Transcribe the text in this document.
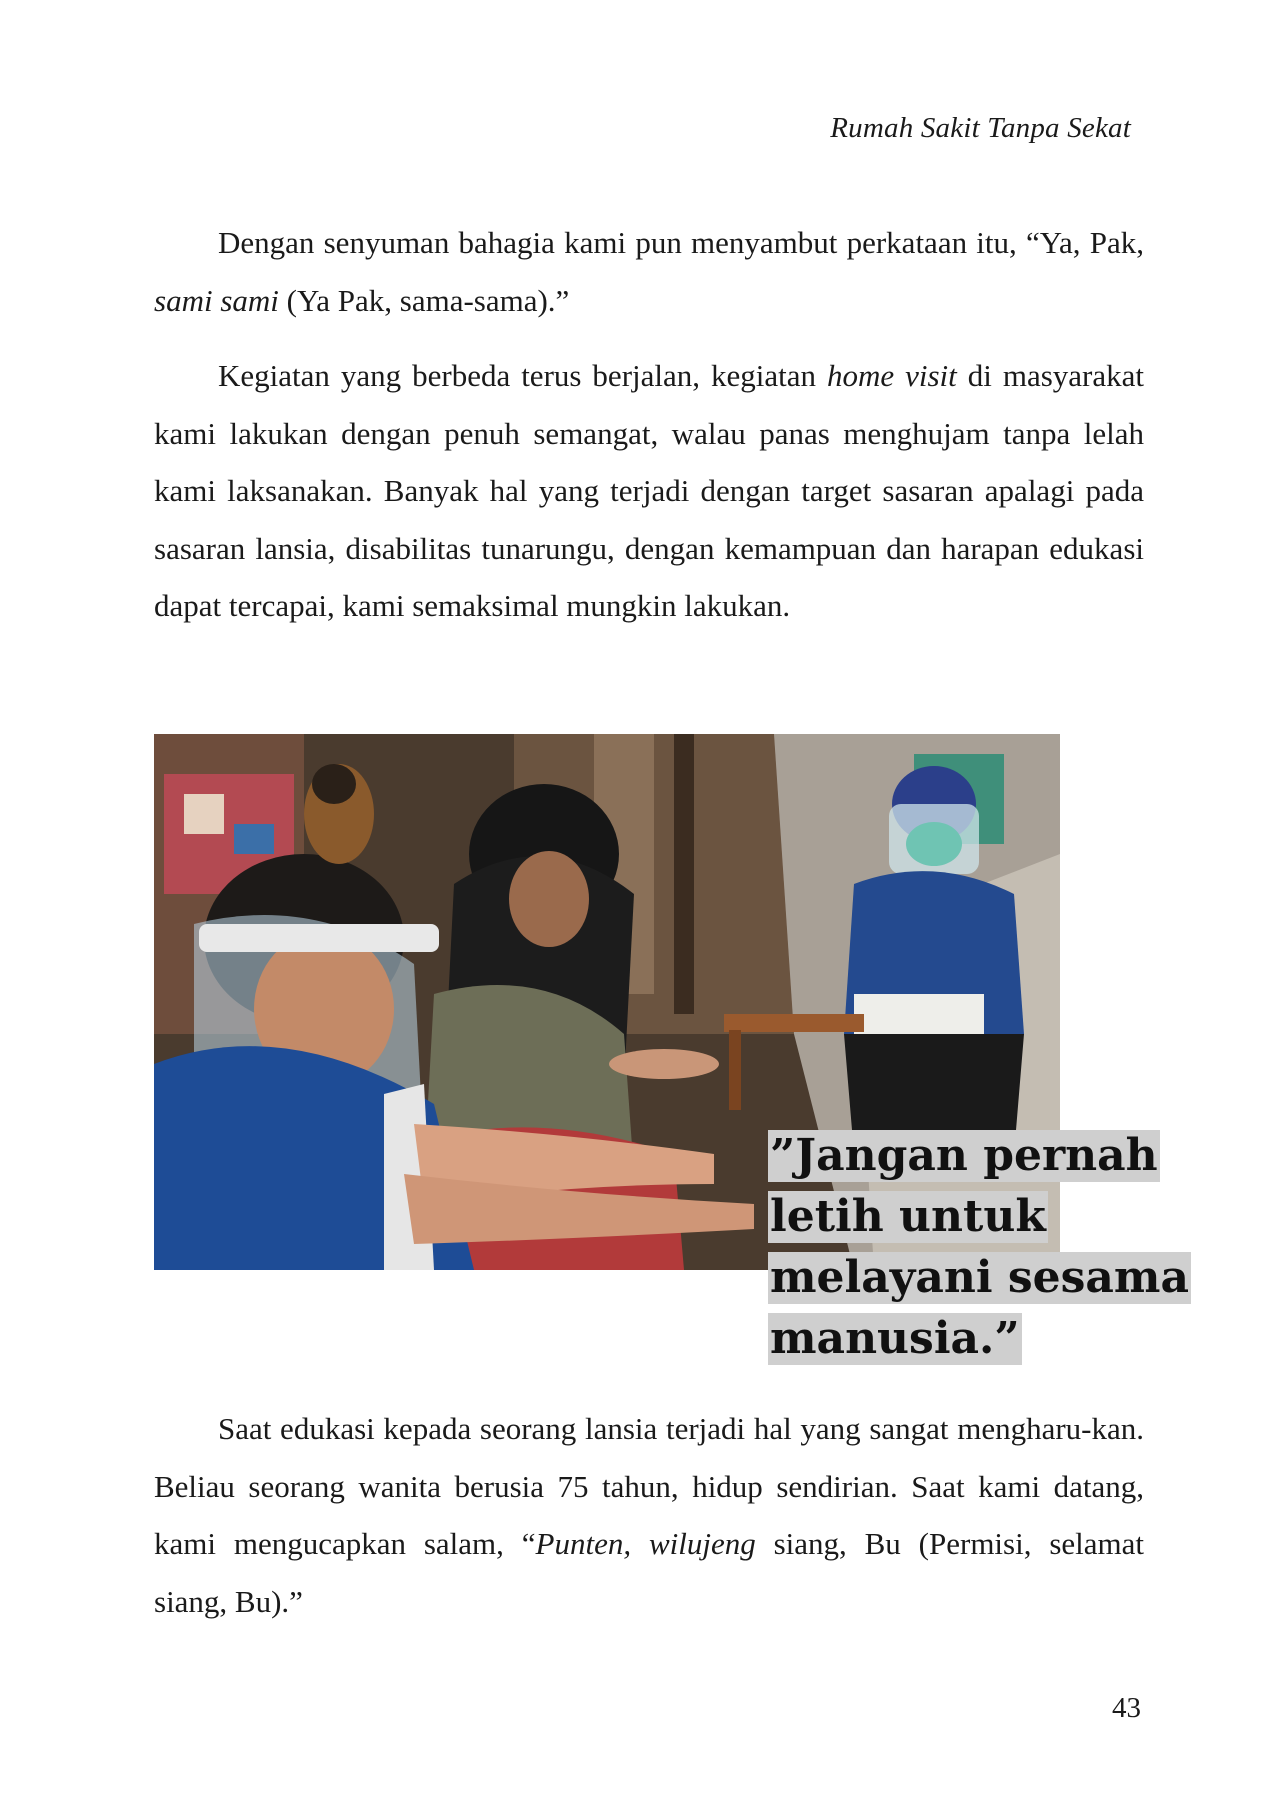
Rumah Sakit Tanpa Sekat

Dengan senyuman bahagia kami pun menyambut perkataan itu, “Ya, Pak, sami sami (Ya Pak, sama-sama).”

Kegiatan yang berbeda terus berjalan, kegiatan home visit di masyarakat kami lakukan dengan penuh semangat, walau panas menghujam tanpa lelah kami laksanakan. Banyak hal yang terjadi dengan target sasaran apalagi pada sasaran lansia, disabilitas tunarungu, dengan kemampuan dan harapan edukasi dapat tercapai, kami semaksimal mungkin lakukan.

”Jangan pernah
letih untuk
melayani sesama
manusia.”

Saat edukasi kepada seorang lansia terjadi hal yang sangat mengharu-kan. Beliau seorang wanita berusia 75 tahun, hidup sendirian. Saat kami datang, kami mengucapkan salam, “Punten, wilujeng siang, Bu (Permisi, selamat siang, Bu).”

43
